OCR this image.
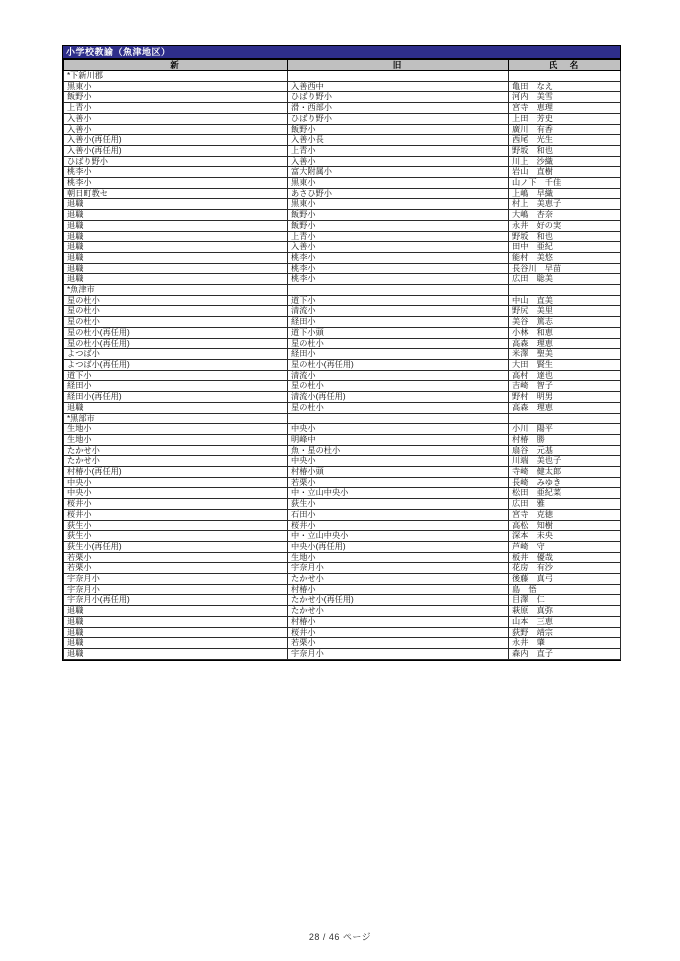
小学校教諭（魚津地区）
新	旧	氏　名
*下新川郡		
黒東小	入善西中	亀田　なえ
飯野小	ひばり野小	河内　美雪
上青小	滑・西部小	宮寺　恵理
入善小	ひばり野小	上田　芳史
入善小	飯野小	廣川　有香
入善小(再任用)	入善小長	西尾　光生
入善小(再任用)	上青小	野坂　和也
ひばり野小	入善小	川上　沙織
桃李小	富大附属小	岩山　直樹
桃李小	黒東小	山ノ下　千佳
朝日町教セ	あさひ野小	上嶋　早織
退職	黒東小	村上　美恵子
退職	飯野小	大嶋　杏奈
退職	飯野小	永井　好の実
退職	上青小	野坂　和也
退職	入善小	田中　亜紀
退職	桃李小	能村　美悠
退職	桃李小	長谷川　早苗
退職	桃李小	広田　聡美
*魚津市		
星の杜小	道下小	中山　直美
星の杜小	清流小	野尻　美里
星の杜小	経田小	美谷　篤志
星の杜小(再任用)	道下小頭	小林　和恵
星の杜小(再任用)	星の杜小	高森　理恵
よつば小	経田小	米澤　聖美
よつば小(再任用)	星の杜小(再任用)	大田　賢生
道下小	清流小	高村　達也
経田小	星の杜小	吉崎　智子
経田小(再任用)	清流小(再任用)	野村　明男
退職	星の杜小	高森　理恵
*黒部市		
生地小	中央小	小川　陽平
生地小	明峰中	村椿　勝
たかせ小	魚・星の杜小	扇谷　元基
たかせ小	中央小	川端　美也子
村椿小(再任用)	村椿小頭	寺崎　健太郎
中央小	若栗小	長崎　みゆき
中央小	中・立山中央小	松田　亜紀菜
桜井小	荻生小	広田　雅
桜井小	石田小	宮寺　克徳
荻生小	桜井小	高松　知樹
荻生小	中・立山中央小	深本　未央
荻生小(再任用)	中央小(再任用)	芦崎　守
若栗小	生地小	板井　優哉
若栗小	宇奈月小	花房　有沙
宇奈月小	たかせ小	後藤　真弓
宇奈月小	村椿小	島　悟
宇奈月小(再任用)	たかせ小(再任用)	目澤　仁
退職	たかせ小	萩原　真弥
退職	村椿小	山本　三恵
退職	桜井小	荻野　靖宗
退職	若栗小	永井　肇
退職	宇奈月小	森内　直子
28 / 46 ページ
